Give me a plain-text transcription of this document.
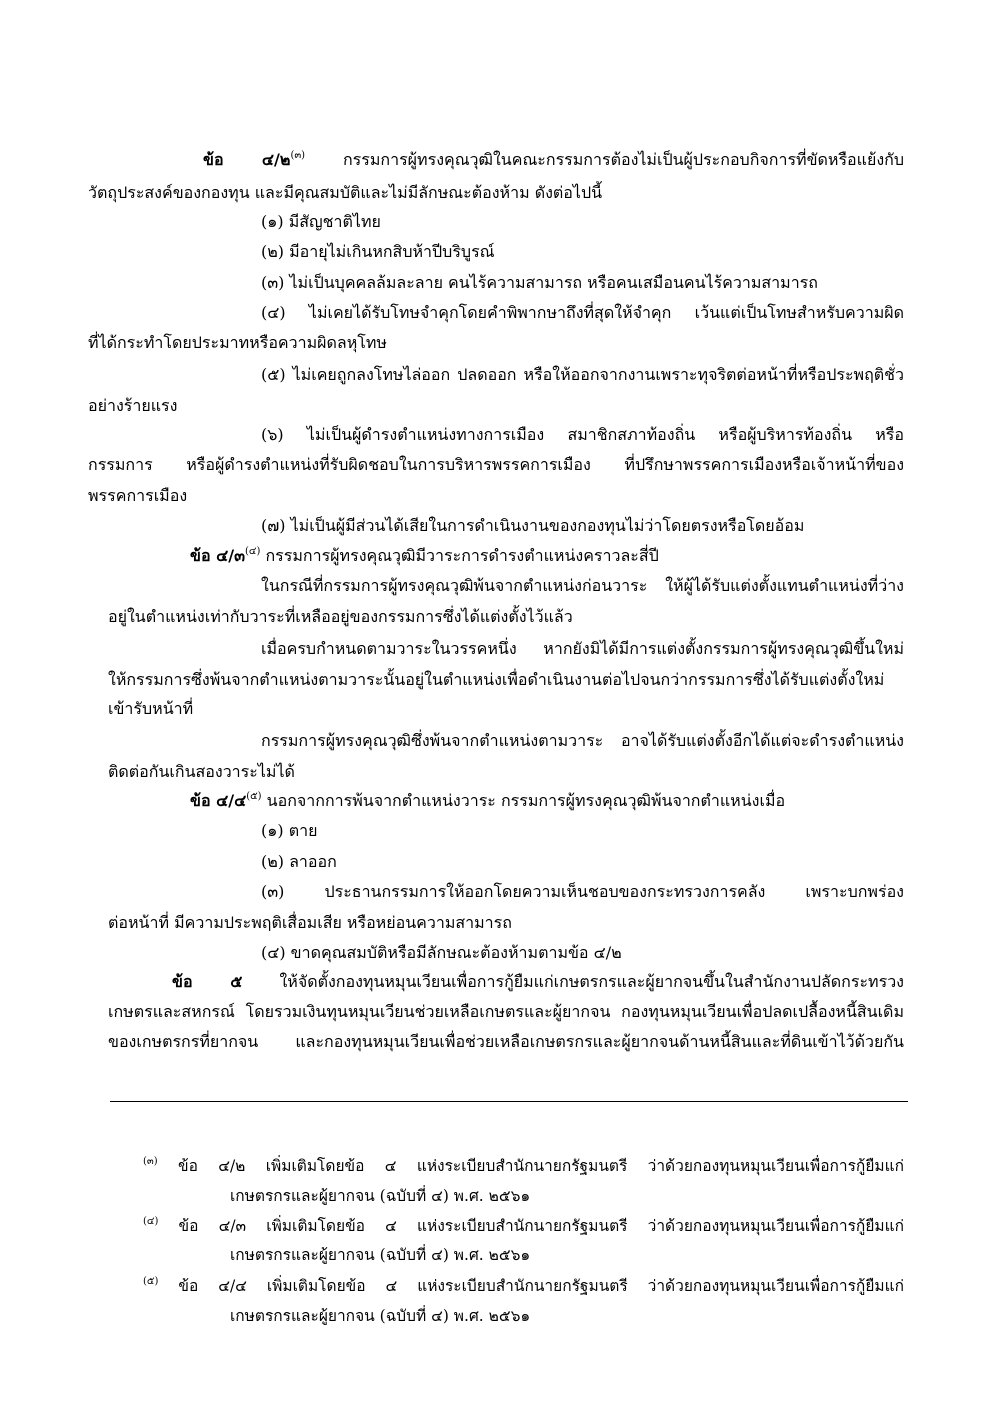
ข้อ ๔/๒$^{(๓)}$ กรรมการผู้ทรงคุณวุฒิในคณะกรรมการต้องไม่เป็นผู้ประกอบกิจการที่ขัดหรือแย้งกับ
วัตถุประสงค์ของกองทุน และมีคุณสมบัติและไม่มีลักษณะต้องห้าม ดังต่อไปนี้
(๑) มีสัญชาติไทย
(๒) มีอายุไม่เกินหกสิบห้าปีบริบูรณ์
(๓) ไม่เป็นบุคคลล้มละลาย คนไร้ความสามารถ หรือคนเสมือนคนไร้ความสามารถ
(๔) ไม่เคยได้รับโทษจำคุกโดยคำพิพากษาถึงที่สุดให้จำคุก เว้นแต่เป็นโทษสำหรับความผิด
ที่ได้กระทำโดยประมาทหรือความผิดลหุโทษ
(๕) ไม่เคยถูกลงโทษไล่ออก ปลดออก หรือให้ออกจากงานเพราะทุจริตต่อหน้าที่หรือประพฤติชั่ว
อย่างร้ายแรง
(๖) ไม่เป็นผู้ดำรงตำแหน่งทางการเมือง สมาชิกสภาท้องถิ่น หรือผู้บริหารท้องถิ่น หรือ
กรรมการ หรือผู้ดำรงตำแหน่งที่รับผิดชอบในการบริหารพรรคการเมือง ที่ปรึกษาพรรคการเมืองหรือเจ้าหน้าที่ของ
พรรคการเมือง
(๗) ไม่เป็นผู้มีส่วนได้เสียในการดำเนินงานของกองทุนไม่ว่าโดยตรงหรือโดยอ้อม
ข้อ ๔/๓$^{(๔)}$ กรรมการผู้ทรงคุณวุฒิมีวาระการดำรงตำแหน่งคราวละสี่ปี
ในกรณีที่กรรมการผู้ทรงคุณวุฒิพ้นจากตำแหน่งก่อนวาระ ให้ผู้ได้รับแต่งตั้งแทนตำแหน่งที่ว่าง
อยู่ในตำแหน่งเท่ากับวาระที่เหลืออยู่ของกรรมการซึ่งได้แต่งตั้งไว้แล้ว
เมื่อครบกำหนดตามวาระในวรรคหนึ่ง หากยังมิได้มีการแต่งตั้งกรรมการผู้ทรงคุณวุฒิขึ้นใหม่
ให้กรรมการซึ่งพ้นจากตำแหน่งตามวาระนั้นอยู่ในตำแหน่งเพื่อดำเนินงานต่อไปจนกว่ากรรมการซึ่งได้รับแต่งตั้งใหม่
เข้ารับหน้าที่
กรรมการผู้ทรงคุณวุฒิซึ่งพ้นจากตำแหน่งตามวาระ อาจได้รับแต่งตั้งอีกได้แต่จะดำรงตำแหน่ง
ติดต่อกันเกินสองวาระไม่ได้
ข้อ ๔/๔$^{(๕)}$ นอกจากการพ้นจากตำแหน่งวาระ กรรมการผู้ทรงคุณวุฒิพ้นจากตำแหน่งเมื่อ
(๑) ตาย
(๒) ลาออก
(๓) ประธานกรรมการให้ออกโดยความเห็นชอบของกระทรวงการคลัง เพราะบกพร่อง
ต่อหน้าที่ มีความประพฤติเสื่อมเสีย หรือหย่อนความสามารถ
(๔) ขาดคุณสมบัติหรือมีลักษณะต้องห้ามตามข้อ ๔/๒
ข้อ ๕ ให้จัดตั้งกองทุนหมุนเวียนเพื่อการกู้ยืมแก่เกษตรกรและผู้ยากจนขึ้นในสำนักงานปลัดกระทรวง
เกษตรและสหกรณ์ โดยรวมเงินทุนหมุนเวียนช่วยเหลือเกษตรและผู้ยากจน กองทุนหมุนเวียนเพื่อปลดเปลื้องหนี้สินเดิม
ของเกษตรกรที่ยากจน และกองทุนหมุนเวียนเพื่อช่วยเหลือเกษตรกรและผู้ยากจนด้านหนี้สินและที่ดินเข้าไว้ด้วยกัน
$^{(๓)}$ ข้อ ๔/๒ เพิ่มเติมโดยข้อ ๔ แห่งระเบียบสำนักนายกรัฐมนตรี ว่าด้วยกองทุนหมุนเวียนเพื่อการกู้ยืมแก่
เกษตรกรและผู้ยากจน (ฉบับที่ ๔) พ.ศ. ๒๕๖๑
$^{(๔)}$ ข้อ ๔/๓ เพิ่มเติมโดยข้อ ๔ แห่งระเบียบสำนักนายกรัฐมนตรี ว่าด้วยกองทุนหมุนเวียนเพื่อการกู้ยืมแก่
เกษตรกรและผู้ยากจน (ฉบับที่ ๔) พ.ศ. ๒๕๖๑
$^{(๕)}$ ข้อ ๔/๔ เพิ่มเติมโดยข้อ ๔ แห่งระเบียบสำนักนายกรัฐมนตรี ว่าด้วยกองทุนหมุนเวียนเพื่อการกู้ยืมแก่
เกษตรกรและผู้ยากจน (ฉบับที่ ๔) พ.ศ. ๒๕๖๑
